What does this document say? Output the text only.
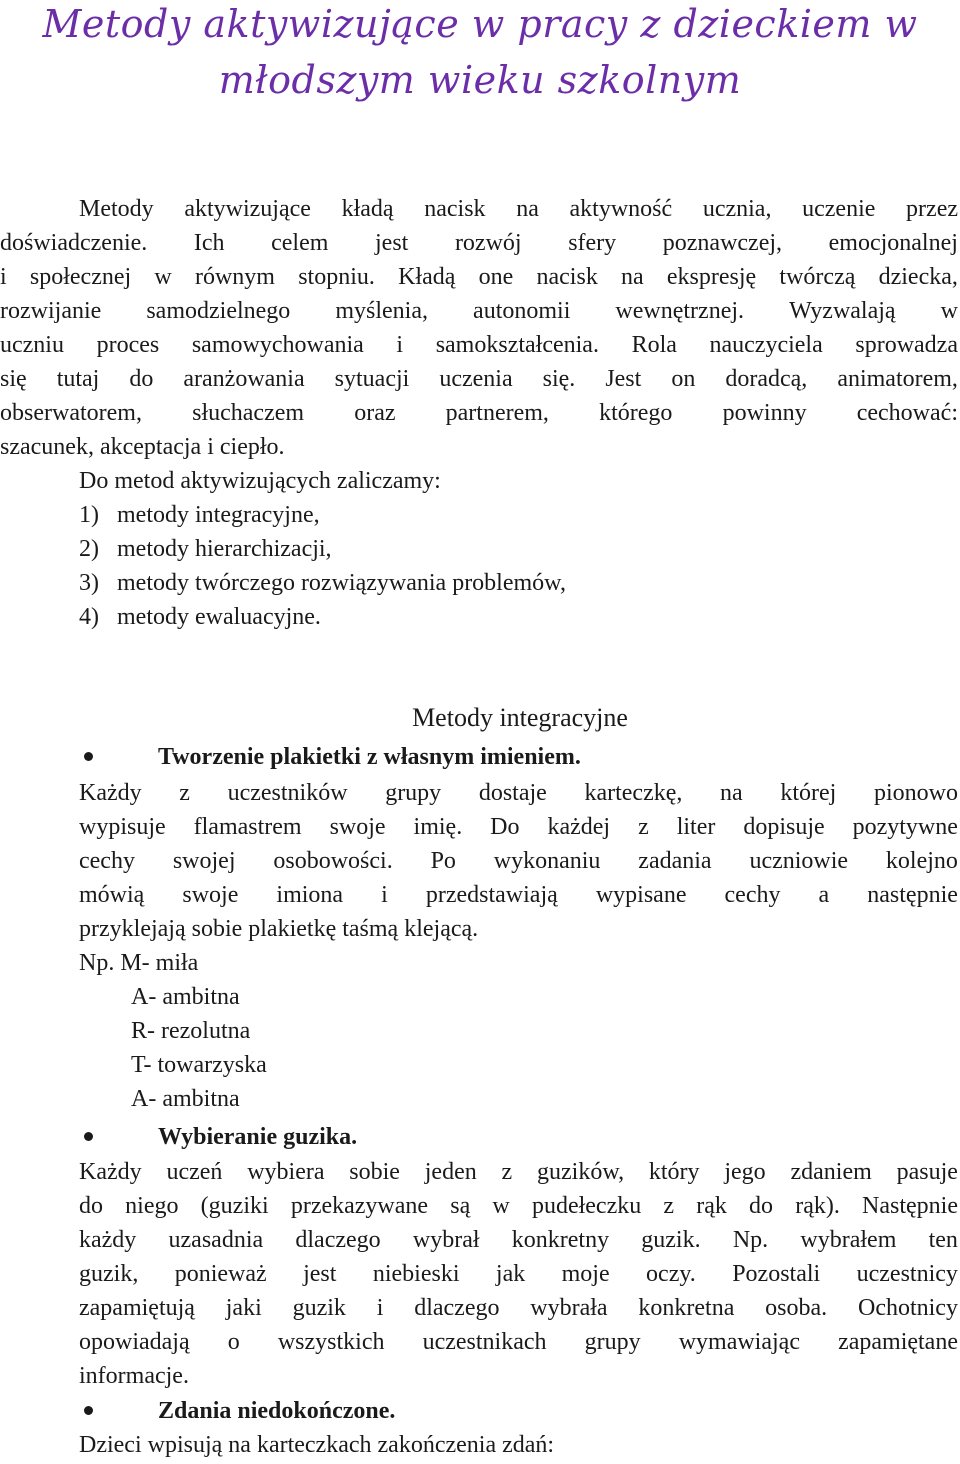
Metody aktywizujące w pracy z dzieckiem w
młodszym wieku szkolnym
Metody aktywizujące kładą nacisk na aktywność ucznia, uczenie przez
doświadczenie. Ich celem jest rozwój sfery poznawczej, emocjonalnej
i społecznej w równym stopniu. Kładą one nacisk na ekspresję twórczą dziecka,
rozwijanie samodzielnego myślenia, autonomii wewnętrznej. Wyzwalają w
uczniu proces samowychowania i samokształcenia. Rola nauczyciela sprowadza
się tutaj do aranżowania sytuacji uczenia się. Jest on doradcą, animatorem,
obserwatorem, słuchaczem oraz partnerem, którego powinny cechować:
szacunek, akceptacja i ciepło.

Do metod aktywizujących zaliczamy:

1) metody integracyjne,
2) metody hierarchizacji,
3) metody twórczego rozwiązywania problemów,
4) metody ewaluacyjne.
Metody integracyjne
Tworzenie plakietki z własnym imieniem.
Każdy z uczestników grupy dostaje karteczkę, na której pionowo
wypisuje flamastrem swoje imię. Do każdej z liter dopisuje pozytywne
cechy swojej osobowości. Po wykonaniu zadania uczniowie kolejno
mówią swoje imiona i przedstawiają wypisane cechy a następnie
przyklejają sobie plakietkę taśmą klejącą.
Np. M- miła
A- ambitna
R- rezolutna
T- towarzyska
A- ambitna
Wybieranie guzika.
Każdy uczeń wybiera sobie jeden z guzików, który jego zdaniem pasuje
do niego (guziki przekazywane są w pudełeczku z rąk do rąk). Następnie
każdy uzasadnia dlaczego wybrał konkretny guzik. Np. wybrałem ten
guzik, ponieważ jest niebieski jak moje oczy. Pozostali uczestnicy
zapamiętują jaki guzik i dlaczego wybrała konkretna osoba. Ochotnicy
opowiadają o wszystkich uczestnikach grupy wymawiając zapamiętane
informacje.
Zdania niedokończone.
Dzieci wpisują na karteczkach zakończenia zdań:
